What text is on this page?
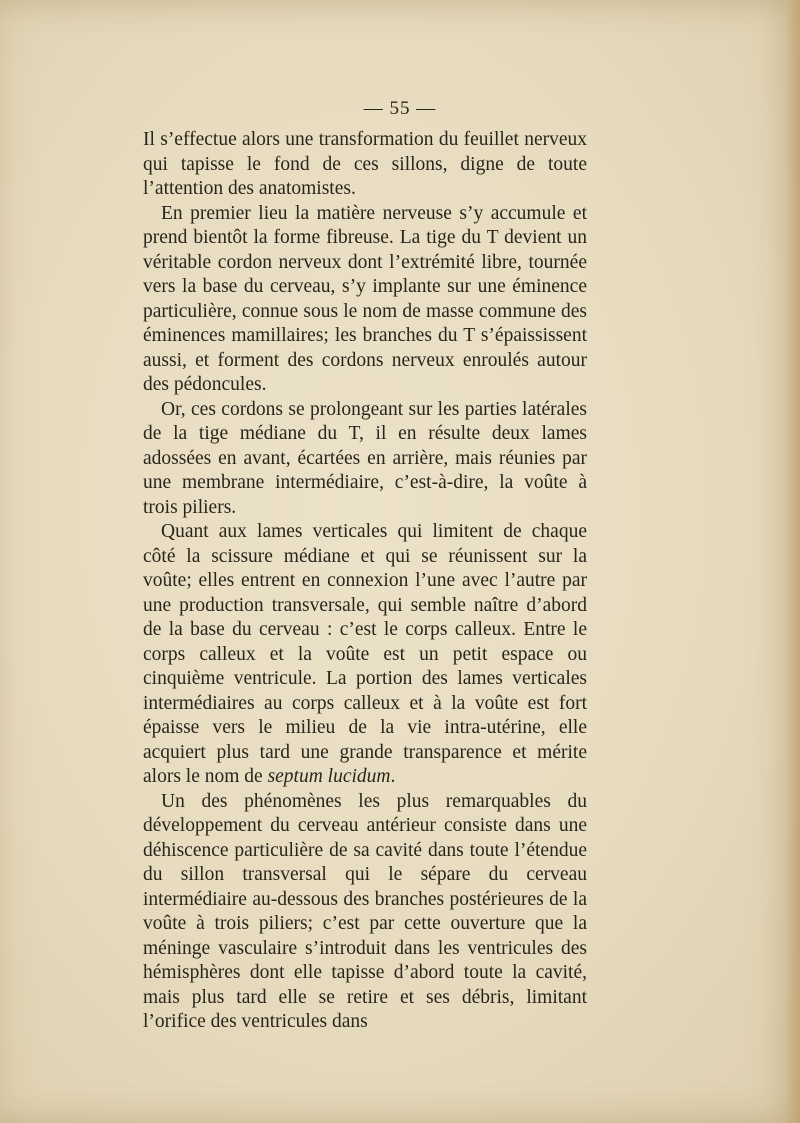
— 55 —

Il s’effectue alors une transformation du feuillet nerveux qui tapisse le fond de ces sillons, digne de toute l’attention des anatomistes.

En premier lieu la matière nerveuse s’y accumule et prend bientôt la forme fibreuse. La tige du T devient un véritable cordon nerveux dont l’extrémité libre, tournée vers la base du cerveau, s’y implante sur une éminence particulière, connue sous le nom de masse commune des éminences mamillaires; les branches du T s’épaississent aussi, et forment des cordons nerveux enroulés autour des pédoncules.

Or, ces cordons se prolongeant sur les parties latérales de la tige médiane du T, il en résulte deux lames adossées en avant, écartées en arrière, mais réunies par une membrane intermédiaire, c’est-à-dire, la voûte à trois piliers.

Quant aux lames verticales qui limitent de chaque côté la scissure médiane et qui se réunissent sur la voûte; elles entrent en connexion l’une avec l’autre par une production transversale, qui semble naître d’abord de la base du cerveau : c’est le corps calleux. Entre le corps calleux et la voûte est un petit espace ou cinquième ventricule. La portion des lames verticales intermédiaires au corps calleux et à la voûte est fort épaisse vers le milieu de la vie intra-utérine, elle acquiert plus tard une grande transparence et mérite alors le nom de septum lucidum.

Un des phénomènes les plus remarquables du développement du cerveau antérieur consiste dans une déhiscence particulière de sa cavité dans toute l’étendue du sillon transversal qui le sépare du cerveau intermédiaire au-dessous des branches postérieures de la voûte à trois piliers; c’est par cette ouverture que la méninge vasculaire s’introduit dans les ventricules des hémisphères dont elle tapisse d’abord toute la cavité, mais plus tard elle se retire et ses débris, limitant l’orifice des ventricules dans
